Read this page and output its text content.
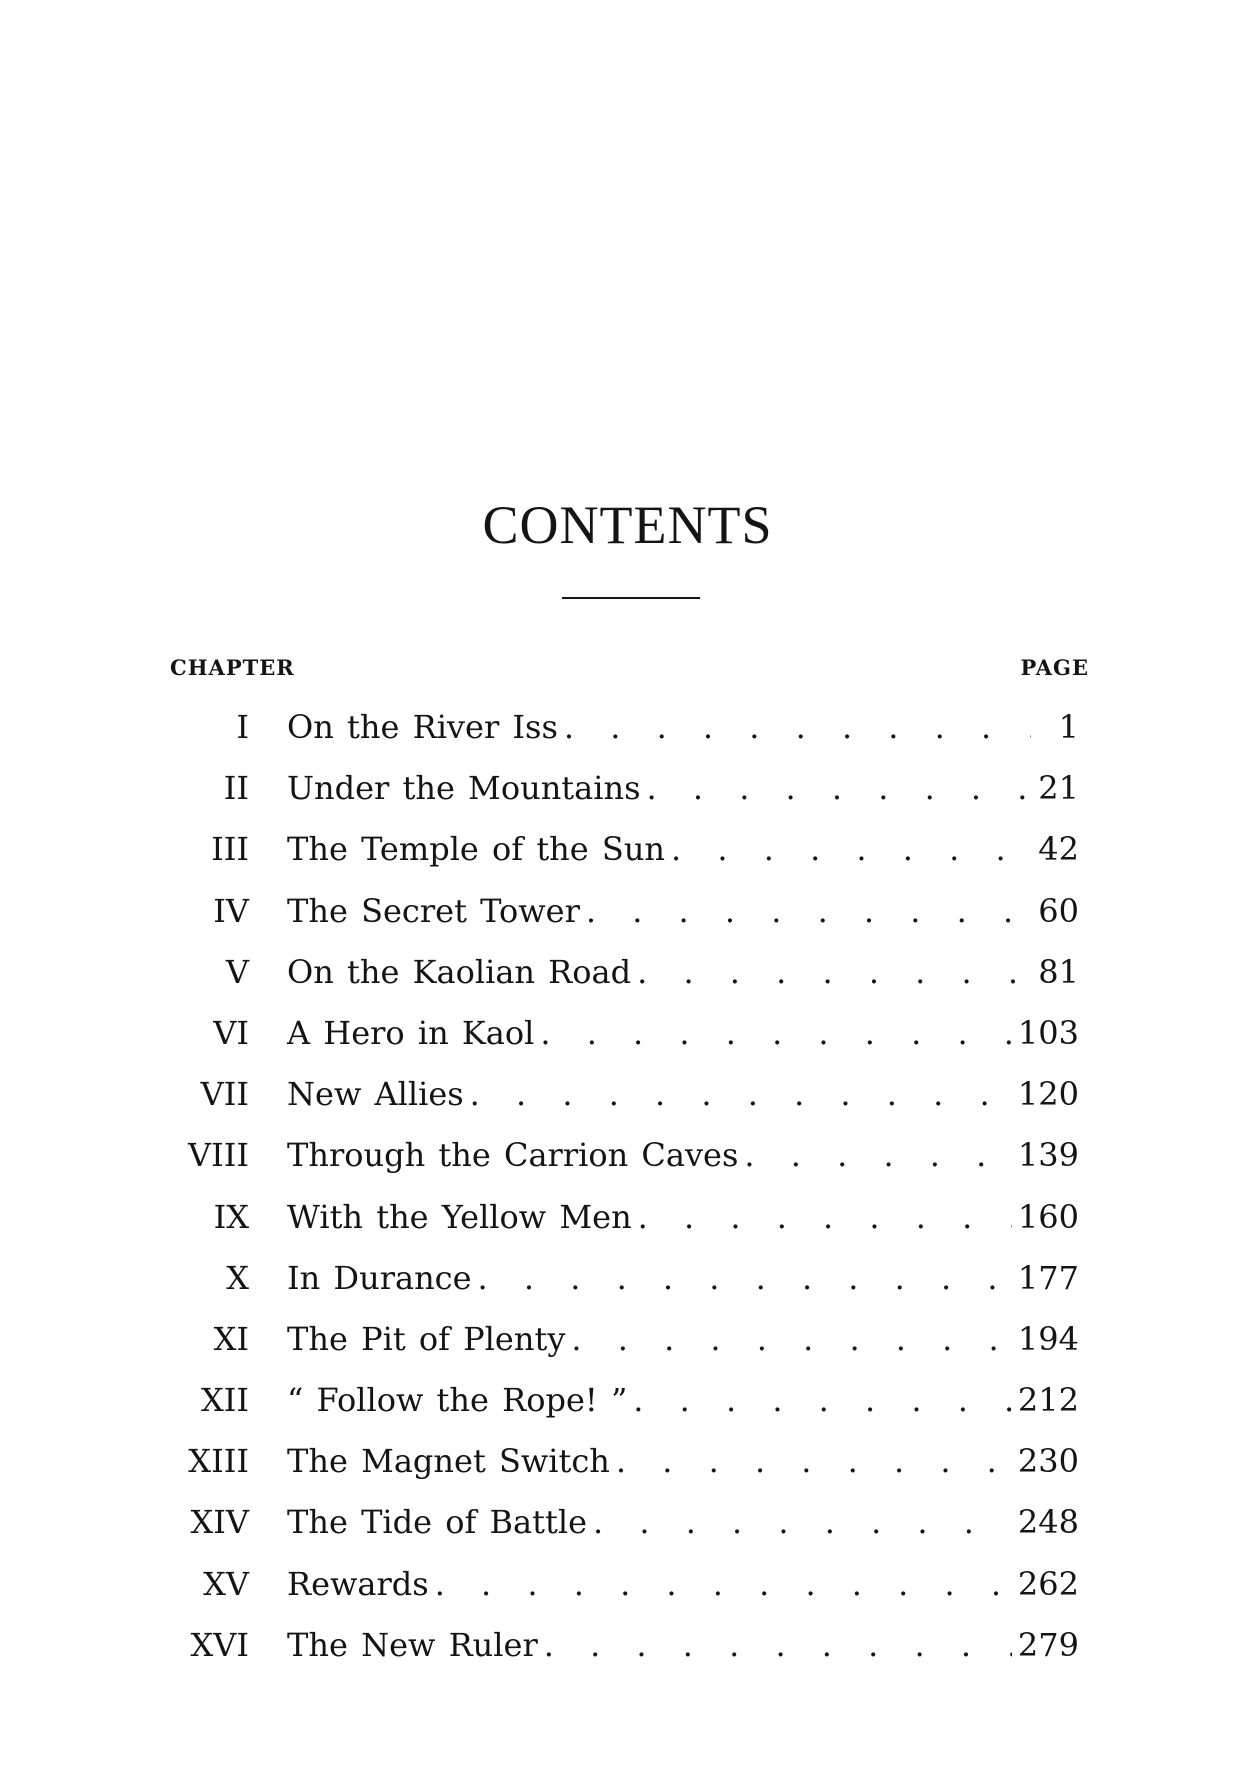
CONTENTS
CHAPTER	PAGE
I On the River Iss . . .	1
II Under the Mountains . . .	21
III The Temple of the Sun . . .	42
IV The Secret Tower . . .	60
V On the Kaolian Road . . .	81
VI A Hero in Kaol . . .	103
VII New Allies . . .	120
VIII Through the Carrion Caves . . .	139
IX With the Yellow Men . . .	160
X In Durance . . .	177
XI The Pit of Plenty . . .	194
XII “ Follow the Rope! ” . . .	212
XIII The Magnet Switch . . .	230
XIV The Tide of Battle . . .	248
XV Rewards . . .	262
XVI The New Ruler . . .	279
